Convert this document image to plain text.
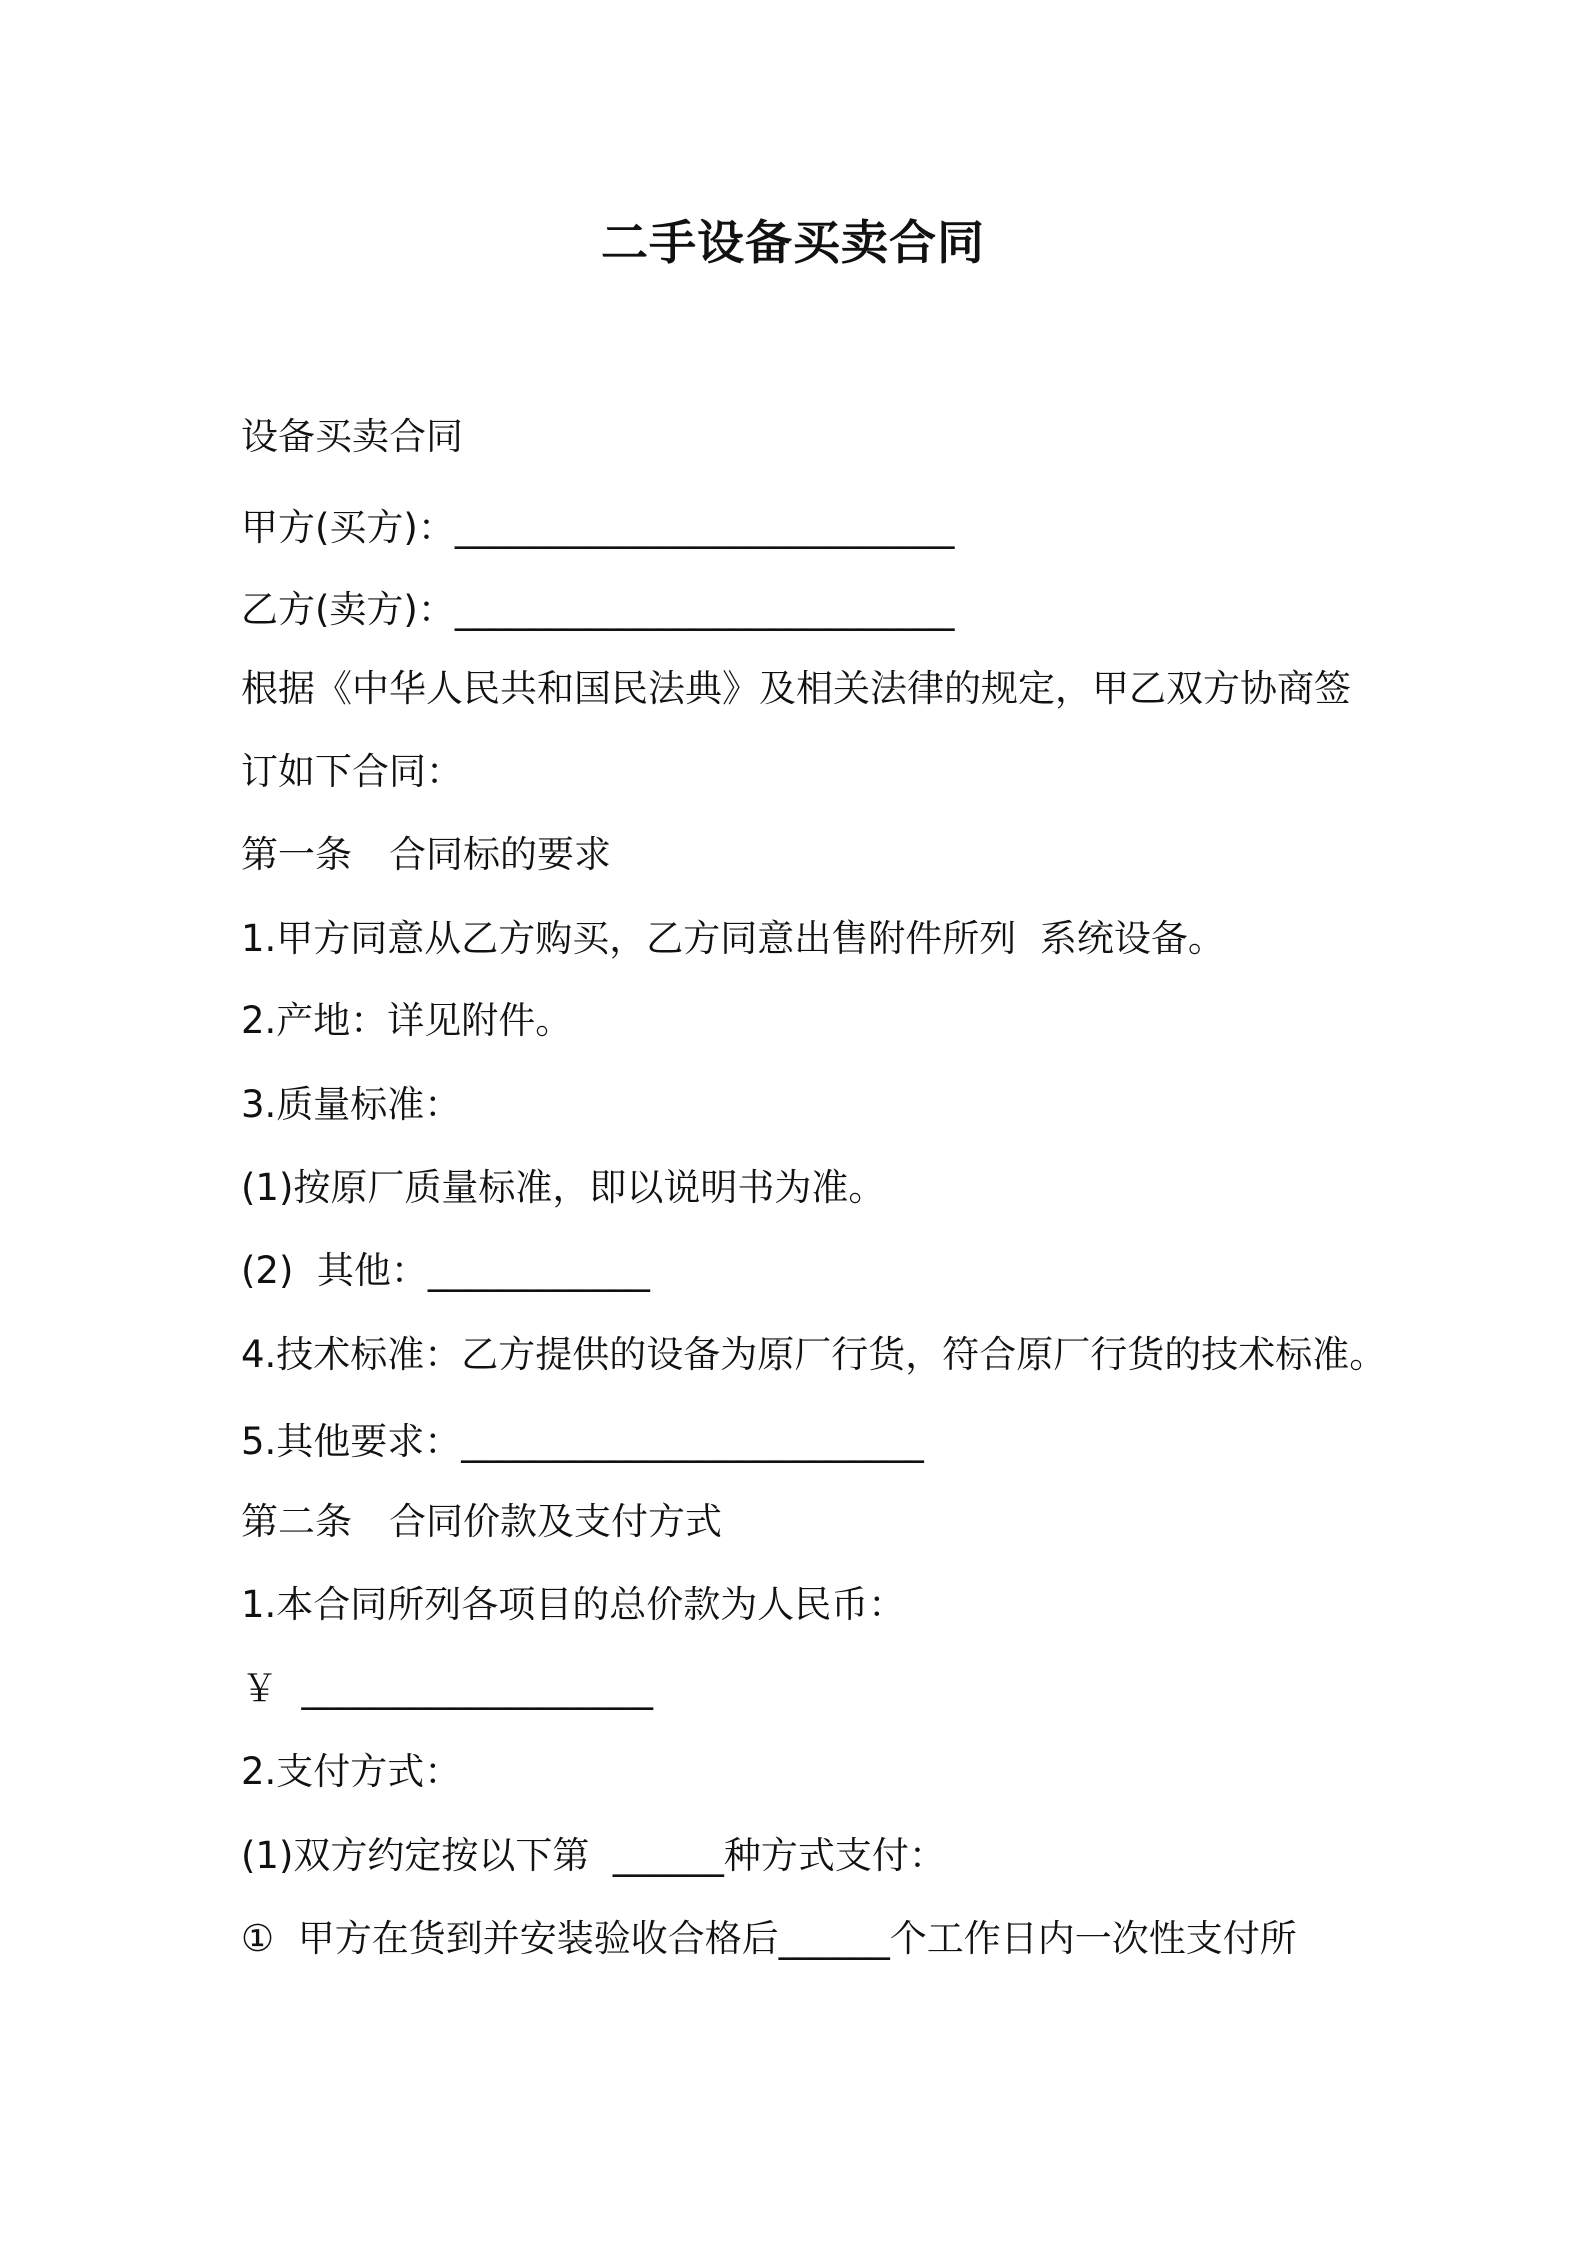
二手设备买卖合同
设备买卖合同
甲方(买方)：___________________________
乙方(卖方)：___________________________
根据《中华人民共和国民法典》及相关法律的规定，甲乙双方协商签
订如下合同：
第一条　合同标的要求
1.甲方同意从乙方购买，乙方同意出售附件所列  系统设备。
2.产地：详见附件。
3.质量标准：
(1)按原厂质量标准，即以说明书为准。
(2)  其他：____________
4.技术标准：乙方提供的设备为原厂行货，符合原厂行货的技术标准。
5.其他要求：_________________________
第二条　合同价款及支付方式
1.本合同所列各项目的总价款为人民币：
￥  ___________________
2.支付方式：
(1)双方约定按以下第  ______种方式支付：
①  甲方在货到并安装验收合格后______个工作日内一次性支付所
